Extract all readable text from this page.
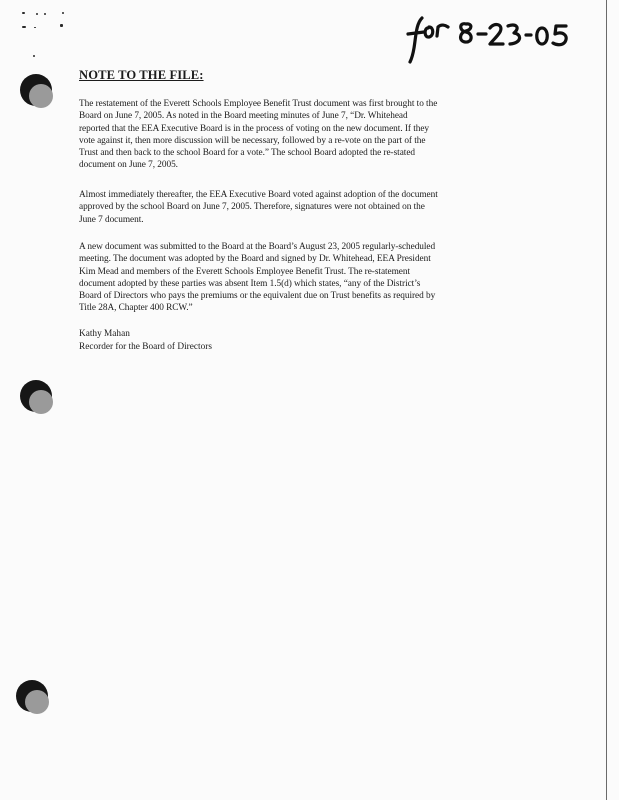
NOTE TO THE FILE:

The restatement of the Everett Schools Employee Benefit Trust document was first brought to the
Board on June 7, 2005. As noted in the Board meeting minutes of June 7, “Dr. Whitehead
reported that the EEA Executive Board is in the process of voting on the new document. If they
vote against it, then more discussion will be necessary, followed by a re-vote on the part of the
Trust and then back to the school Board for a vote.” The school Board adopted the re-stated
document on June 7, 2005.

Almost immediately thereafter, the EEA Executive Board voted against adoption of the document
approved by the school Board on June 7, 2005. Therefore, signatures were not obtained on the
June 7 document.

A new document was submitted to the Board at the Board’s August 23, 2005 regularly-scheduled
meeting. The document was adopted by the Board and signed by Dr. Whitehead, EEA President
Kim Mead and members of the Everett Schools Employee Benefit Trust. The re-statement
document adopted by these parties was absent Item 1.5(d) which states, “any of the District’s
Board of Directors who pays the premiums or the equivalent due on Trust benefits as required by
Title 28A, Chapter 400 RCW.”

Kathy Mahan
Recorder for the Board of Directors
